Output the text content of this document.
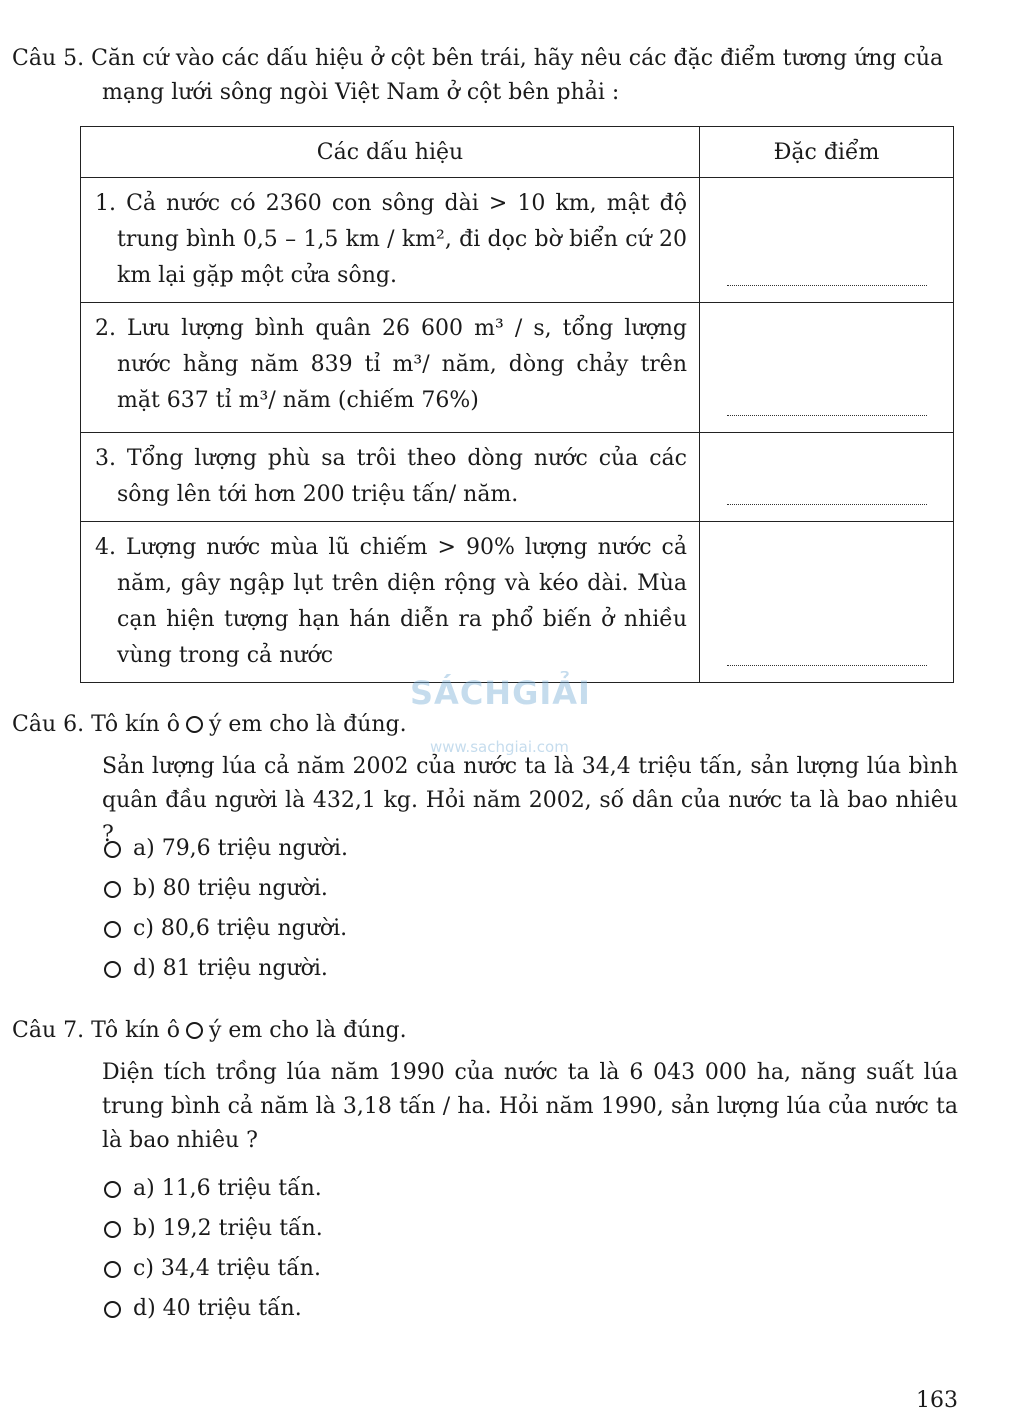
Câu 5. Căn cứ vào các dấu hiệu ở cột bên trái, hãy nêu các đặc điểm tương ứng của
mạng lưới sông ngòi Việt Nam ở cột bên phải :
Các dấu hiệu	Đặc điểm

1. Cả nước có 2360 con sông dài > 10 km, mật độ trung bình 0,5 – 1,5 km / km², đi dọc bờ biển cứ 20 km lại gặp một cửa sông.	

2. Lưu lượng bình quân 26 600 m³ / s, tổng lượng nước hằng năm 839 tỉ m³/ năm, dòng chảy trên mặt 637 tỉ m³/ năm (chiếm 76%)	

3. Tổng lượng phù sa trôi theo dòng nước của các sông lên tới hơn 200 triệu tấn/ năm.	

4. Lượng nước mùa lũ chiếm > 90% lượng nước cả năm, gây ngập lụt trên diện rộng và kéo dài. Mùa cạn hiện tượng hạn hán diễn ra phổ biến ở nhiều vùng trong cả nước	

SÁCHGIẢI
www.sachgiai.com
Câu 6. Tô kín ô ý em cho là đúng.
Sản lượng lúa cả năm 2002 của nước ta là 34,4 triệu tấn, sản lượng lúa bình quân đầu người là 432,1 kg. Hỏi năm 2002, số dân của nước ta là bao nhiêu ?
a) 79,6 triệu người.
b) 80 triệu người.
c) 80,6 triệu người.
d) 81 triệu người.
Câu 7. Tô kín ô ý em cho là đúng.
Diện tích trồng lúa năm 1990 của nước ta là 6 043 000 ha, năng suất lúa trung bình cả năm là 3,18 tấn / ha. Hỏi năm 1990, sản lượng lúa của nước ta là bao nhiêu ?
a) 11,6 triệu tấn.
b) 19,2 triệu tấn.
c) 34,4 triệu tấn.
d) 40 triệu tấn.
163
